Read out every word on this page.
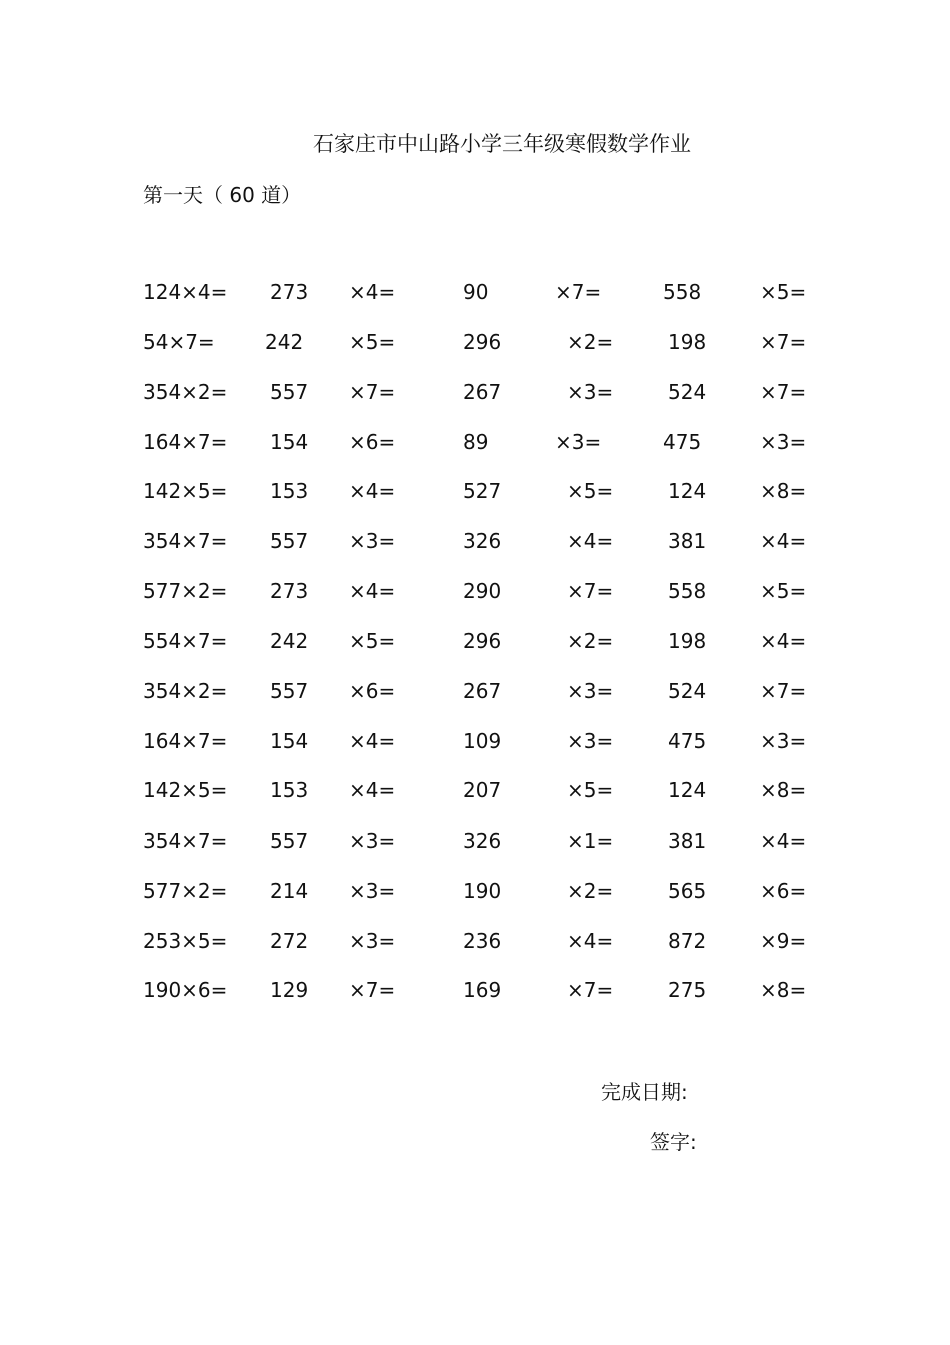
石家庄市中山路小学三年级寒假数学作业
第一天（ 60 道）
124×4= 273 ×4=	90	×7=	558	×5=
54×7=	242 ×5=	296	×2=	198	×7=
354×2= 557 ×7=	267	×3=	524	×7=
164×7= 154 ×6=	89	×3=	475	×3=
142×5= 153 ×4=	527	×5=	124	×8=
354×7= 557 ×3=	326	×4=	381	×4=
577×2= 273 ×4=	290	×7=	558	×5=
554×7= 242 ×5=	296	×2=	198	×4=
354×2= 557 ×6=	267	×3=	524	×7=
164×7= 154 ×4=	109	×3=	475	×3=
142×5= 153 ×4=	207	×5=	124	×8=
354×7= 557 ×3=	326	×1=	381	×4=
577×2= 214 ×3=	190	×2=	565	×6=
253×5= 272 ×3=	236	×4=	872	×9=
190×6= 129 ×7=	169	×7=	275	×8=
完成日期:
签字:
